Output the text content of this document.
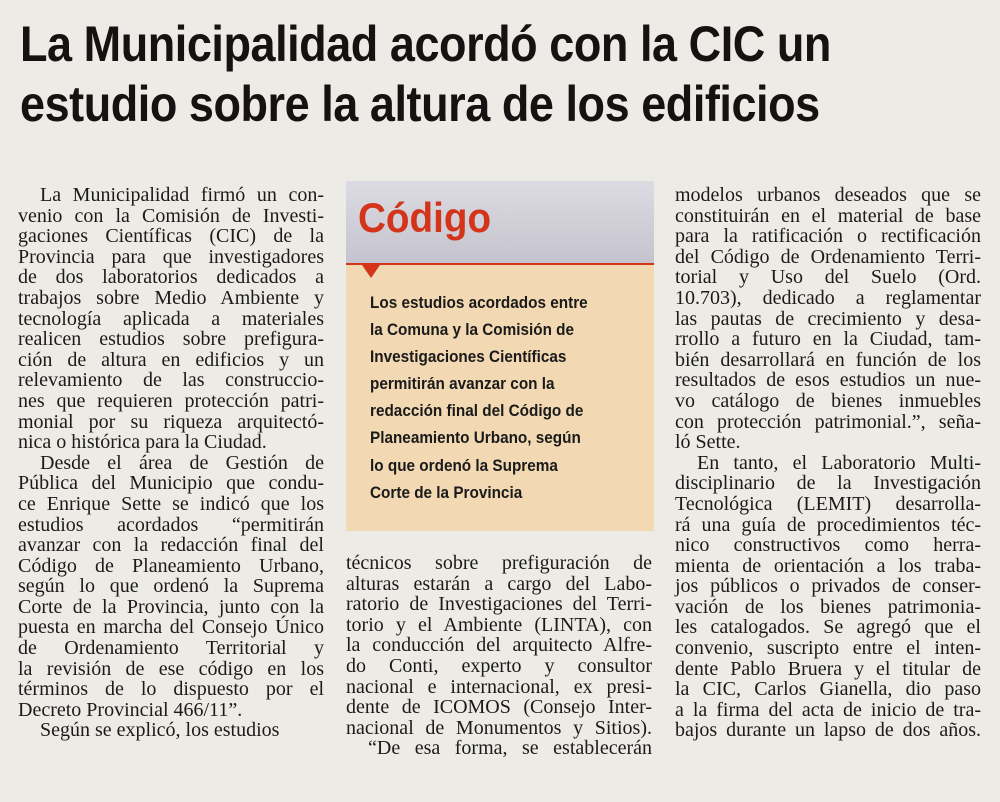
La Municipalidad acordó con la CIC un
estudio sobre la altura de los edificios
La Municipalidad firmó un con-
venio con la Comisión de Investi-
gaciones Científicas (CIC) de la
Provincia para que investigadores
de dos laboratorios dedicados a
trabajos sobre Medio Ambiente y
tecnología aplicada a materiales
realicen estudios sobre prefigura-
ción de altura en edificios y un
relevamiento de las construccio-
nes que requieren protección patri-
monial por su riqueza arquitectó-
nica o histórica para la Ciudad.
Desde el área de Gestión de
Pública del Municipio que condu-
ce Enrique Sette se indicó que los
estudios acordados “permitirán
avanzar con la redacción final del
Código de Planeamiento Urbano,
según lo que ordenó la Suprema
Corte de la Provincia, junto con la
puesta en marcha del Consejo Único
de Ordenamiento Territorial y
la revisión de ese código en los
términos de lo dispuesto por el
Decreto Provincial 466/11”.
Según se explicó, los estudios
Código
Los estudios acordados entre
la Comuna y la Comisión de
Investigaciones Científicas
permitirán avanzar con la
redacción final del Código de
Planeamiento Urbano, según
lo que ordenó la Suprema
Corte de la Provincia
técnicos sobre prefiguración de
alturas estarán a cargo del Labo-
ratorio de Investigaciones del Terri-
torio y el Ambiente (LINTA), con
la conducción del arquitecto Alfre-
do Conti, experto y consultor
nacional e internacional, ex presi-
dente de ICOMOS (Consejo Inter-
nacional de Monumentos y Sitios).
“De esa forma, se establecerán
modelos urbanos deseados que se
constituirán en el material de base
para la ratificación o rectificación
del Código de Ordenamiento Terri-
torial y Uso del Suelo (Ord.
10.703), dedicado a reglamentar
las pautas de crecimiento y desa-
rrollo a futuro en la Ciudad, tam-
bién desarrollará en función de los
resultados de esos estudios un nue-
vo catálogo de bienes inmuebles
con protección patrimonial.”, seña-
ló Sette.
En tanto, el Laboratorio Multi-
disciplinario de la Investigación
Tecnológica (LEMIT) desarrolla-
rá una guía de procedimientos téc-
nico constructivos como herra-
mienta de orientación a los traba-
jos públicos o privados de conser-
vación de los bienes patrimonia-
les catalogados. Se agregó que el
convenio, suscripto entre el inten-
dente Pablo Bruera y el titular de
la CIC, Carlos Gianella, dio paso
a la firma del acta de inicio de tra-
bajos durante un lapso de dos años.
